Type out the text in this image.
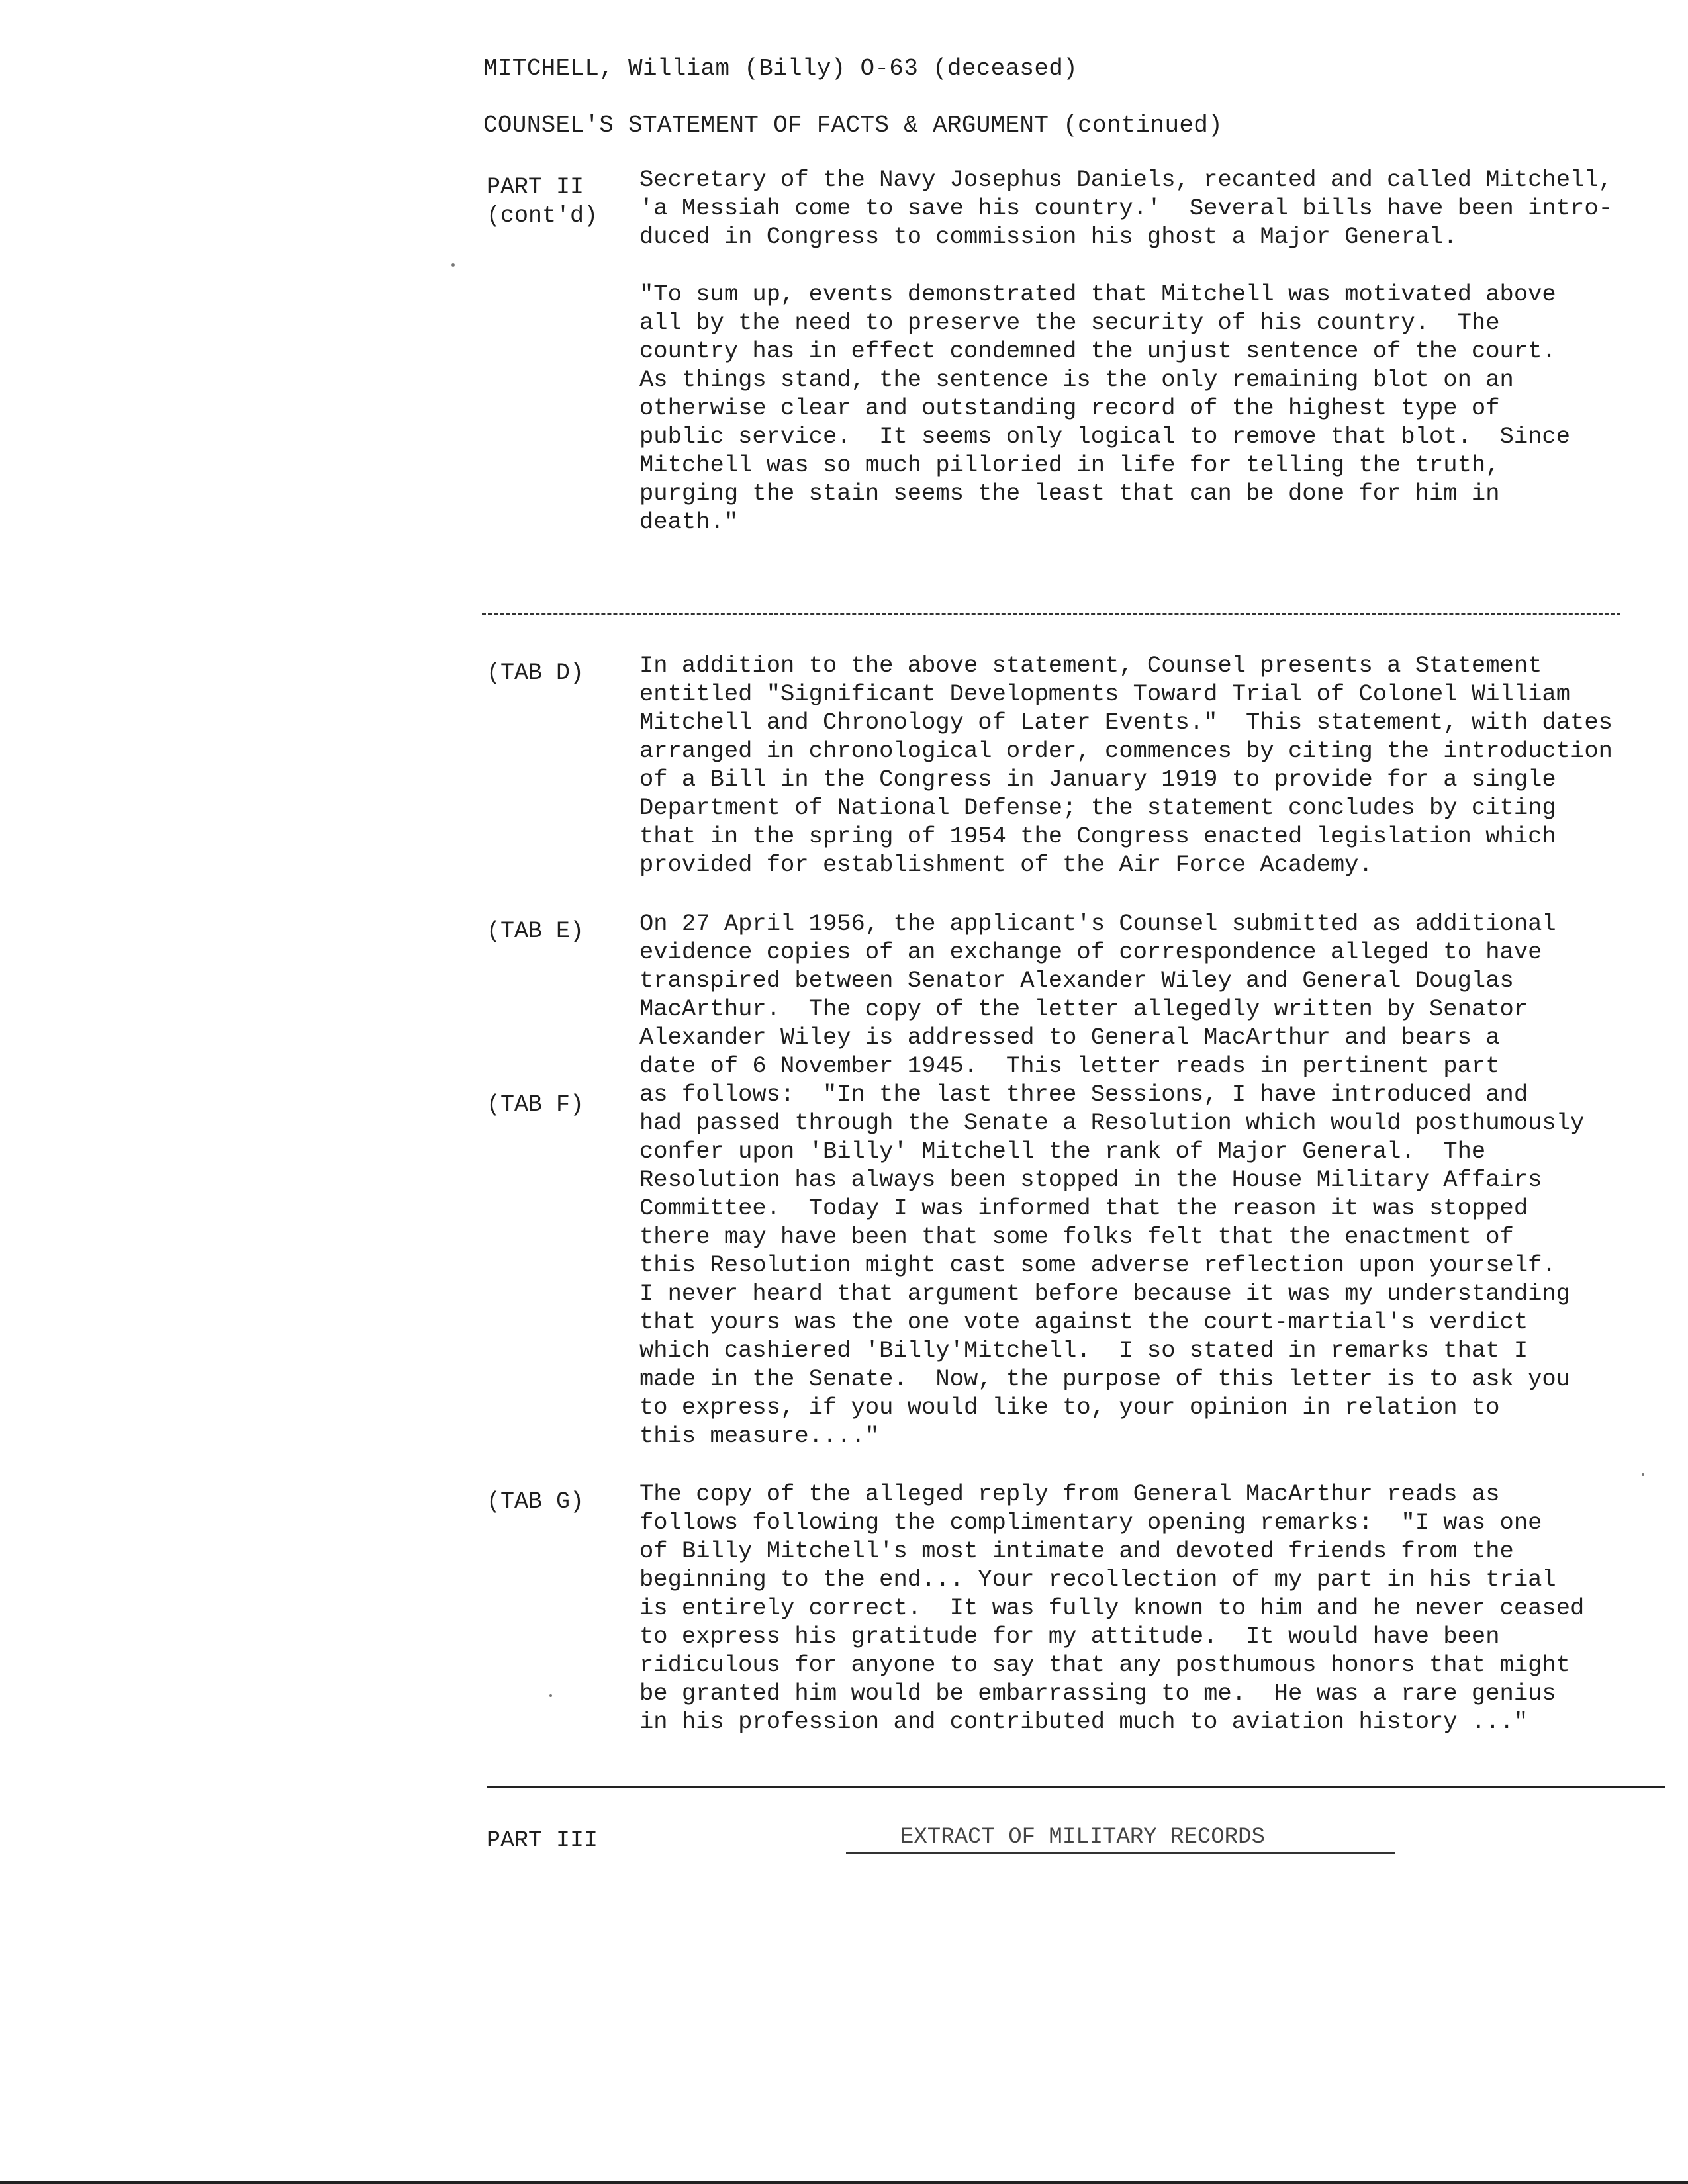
MITCHELL, William (Billy) O-63 (deceased)
COUNSEL'S STATEMENT OF FACTS & ARGUMENT (continued)
PART II
(cont'd)
Secretary of the Navy Josephus Daniels, recanted and called Mitchell,
'a Messiah come to save his country.'  Several bills have been intro-
duced in Congress to commission his ghost a Major General.
"To sum up, events demonstrated that Mitchell was motivated above
all by the need to preserve the security of his country.  The
country has in effect condemned the unjust sentence of the court.
As things stand, the sentence is the only remaining blot on an
otherwise clear and outstanding record of the highest type of
public service.  It seems only logical to remove that blot.  Since
Mitchell was so much pilloried in life for telling the truth,
purging the stain seems the least that can be done for him in
death."
(TAB D) In addition to the above statement, Counsel presents a Statement
entitled "Significant Developments Toward Trial of Colonel William
Mitchell and Chronology of Later Events."  This statement, with dates
arranged in chronological order, commences by citing the introduction
of a Bill in the Congress in January 1919 to provide for a single
Department of National Defense; the statement concludes by citing
that in the spring of 1954 the Congress enacted legislation which
provided for establishment of the Air Force Academy.
(TAB E) On 27 April 1956, the applicant's Counsel submitted as additional
evidence copies of an exchange of correspondence alleged to have
transpired between Senator Alexander Wiley and General Douglas
MacArthur.  The copy of the letter allegedly written by Senator
Alexander Wiley is addressed to General MacArthur and bears a
date of 6 November 1945.  This letter reads in pertinent part
as follows:  "In the last three Sessions, I have introduced and
had passed through the Senate a Resolution which would posthumously
confer upon 'Billy' Mitchell the rank of Major General.  The
Resolution has always been stopped in the House Military Affairs
Committee.  Today I was informed that the reason it was stopped
there may have been that some folks felt that the enactment of
this Resolution might cast some adverse reflection upon yourself.
I never heard that argument before because it was my understanding
that yours was the one vote against the court-martial's verdict
which cashiered 'Billy'Mitchell.  I so stated in remarks that I
made in the Senate.  Now, the purpose of this letter is to ask you
to express, if you would like to, your opinion in relation to
this measure...."
(TAB F)
(TAB G) The copy of the alleged reply from General MacArthur reads as
follows following the complimentary opening remarks:  "I was one
of Billy Mitchell's most intimate and devoted friends from the
beginning to the end... Your recollection of my part in his trial
is entirely correct.  It was fully known to him and he never ceased
to express his gratitude for my attitude.  It would have been
ridiculous for anyone to say that any posthumous honors that might
be granted him would be embarrassing to me.  He was a rare genius
in his profession and contributed much to aviation history ..."
PART III	EXTRACT OF MILITARY RECORDS
